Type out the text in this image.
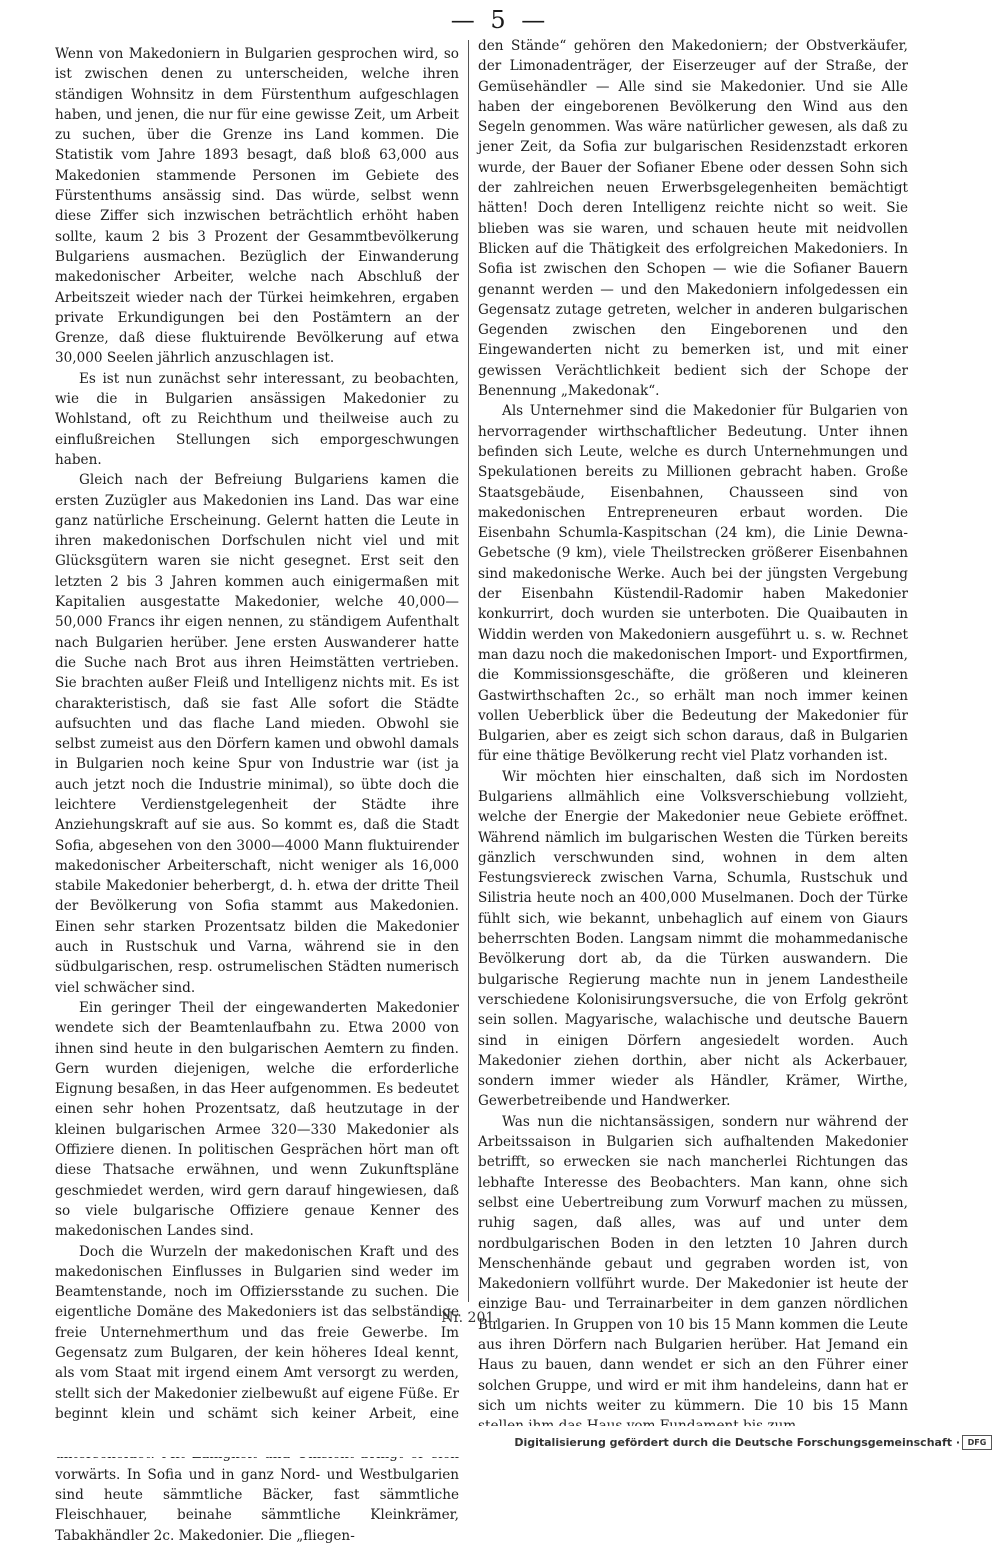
— 5 —

Wenn von Makedoniern in Bulgarien gesprochen wird, so ist zwischen denen zu unterscheiden, welche ihren ständigen Wohnsitz in dem Fürstenthum aufgeschlagen haben, und jenen, die nur für eine gewisse Zeit, um Arbeit zu suchen, über die Grenze ins Land kommen. Die Statistik vom Jahre 1893 besagt, daß bloß 63,000 aus Makedonien stammende Personen im Gebiete des Fürstenthums ansässig sind. Das würde, selbst wenn diese Ziffer sich inzwischen beträchtlich erhöht haben sollte, kaum 2 bis 3 Prozent der Gesammtbevölkerung Bulgariens ausmachen. Bezüglich der Einwanderung makedonischer Arbeiter, welche nach Abschluß der Arbeitszeit wieder nach der Türkei heimkehren, ergaben private Erkundigungen bei den Postämtern an der Grenze, daß diese fluktuirende Bevölkerung auf etwa 30,000 Seelen jährlich anzuschlagen ist.

Es ist nun zunächst sehr interessant, zu beobachten, wie die in Bulgarien ansässigen Makedonier zu Wohlstand, oft zu Reichthum und theilweise auch zu einflußreichen Stellungen sich emporgeschwungen haben.

Gleich nach der Befreiung Bulgariens kamen die ersten Zuzügler aus Makedonien ins Land. Das war eine ganz natürliche Erscheinung. Gelernt hatten die Leute in ihren makedonischen Dorfschulen nicht viel und mit Glücksgütern waren sie nicht gesegnet. Erst seit den letzten 2 bis 3 Jahren kommen auch einigermaßen mit Kapitalien ausgestatte Makedonier, welche 40,000—50,000 Francs ihr eigen nennen, zu ständigem Aufenthalt nach Bulgarien herüber. Jene ersten Auswanderer hatte die Suche nach Brot aus ihren Heimstätten vertrieben. Sie brachten außer Fleiß und Intelligenz nichts mit. Es ist charakteristisch, daß sie fast Alle sofort die Städte aufsuchten und das flache Land mieden. Obwohl sie selbst zumeist aus den Dörfern kamen und obwohl damals in Bulgarien noch keine Spur von Industrie war (ist ja auch jetzt noch die Industrie minimal), so übte doch die leichtere Verdienstgelegenheit der Städte ihre Anziehungskraft auf sie aus. So kommt es, daß die Stadt Sofia, abgesehen von den 3000—4000 Mann fluktuirender makedonischer Arbeiterschaft, nicht weniger als 16,000 stabile Makedonier beherbergt, d. h. etwa der dritte Theil der Bevölkerung von Sofia stammt aus Makedonien. Einen sehr starken Prozentsatz bilden die Makedonier auch in Rustschuk und Varna, während sie in den südbulgarischen, resp. ostrumelischen Städten numerisch viel schwächer sind.

Ein geringer Theil der eingewanderten Makedonier wendete sich der Beamtenlaufbahn zu. Etwa 2000 von ihnen sind heute in den bulgarischen Aemtern zu finden. Gern wurden diejenigen, welche die erforderliche Eignung besaßen, in das Heer aufgenommen. Es bedeutet einen sehr hohen Prozentsatz, daß heutzutage in der kleinen bulgarischen Armee 320—330 Makedonier als Offiziere dienen. In politischen Gesprächen hört man oft diese Thatsache erwähnen, und wenn Zukunftspläne geschmiedet werden, wird gern darauf hingewiesen, daß so viele bulgarische Offiziere genaue Kenner des makedonischen Landes sind.

Doch die Wurzeln der makedonischen Kraft und des makedonischen Einflusses in Bulgarien sind weder im Beamtenstande, noch im Offiziersstande zu suchen. Die eigentliche Domäne des Makedoniers ist das selbständige freie Unternehmerthum und das freie Gewerbe. Im Gegensatz zum Bulgaren, der kein höheres Ideal kennt, als vom Staat mit irgend einem Amt versorgt zu werden, stellt sich der Makedonier zielbewußt auf eigene Füße. Er beginnt klein und schämt sich keiner Arbeit, eine vorwärts. In Sofia und in ganz Nord- und Westbulgarien sind heute sämmtliche Bäcker, fast sämmtliche Fleischhauer, beinahe sämmtliche Kleinkrämer, Tabakhändler 2c. Makedonier. Die „fliegen-

den Stände“ gehören den Makedoniern; der Obstverkäufer, der Limonadenträger, der Eiserzeuger auf der Straße, der Gemüsehändler — Alle sind sie Makedonier. Und sie Alle haben der eingeborenen Bevölkerung den Wind aus den Segeln genommen. Was wäre natürlicher gewesen, als daß zu jener Zeit, da Sofia zur bulgarischen Residenzstadt erkoren wurde, der Bauer der Sofianer Ebene oder dessen Sohn sich der zahlreichen neuen Erwerbsgelegenheiten bemächtigt hätten! Doch deren Intelligenz reichte nicht so weit. Sie blieben was sie waren, und schauen heute mit neidvollen Blicken auf die Thätigkeit des erfolgreichen Makedoniers. In Sofia ist zwischen den Schopen — wie die Sofianer Bauern genannt werden — und den Makedoniern infolgedessen ein Gegensatz zutage getreten, welcher in anderen bulgarischen Gegenden zwischen den Eingeborenen und den Eingewanderten nicht zu bemerken ist, und mit einer gewissen Verächtlichkeit bedient sich der Schope der Benennung „Makedonak“.

Als Unternehmer sind die Makedonier für Bulgarien von hervorragender wirthschaftlicher Bedeutung. Unter ihnen befinden sich Leute, welche es durch Unternehmungen und Spekulationen bereits zu Millionen gebracht haben. Große Staatsgebäude, Eisenbahnen, Chausseen sind von makedonischen Entrepreneuren erbaut worden. Die Eisenbahn Schumla-Kaspitschan (24 km), die Linie Dewna-Gebetsche (9 km), viele Theilstrecken größerer Eisenbahnen sind makedonische Werke. Auch bei der jüngsten Vergebung der Eisenbahn Küstendil-Radomir haben Makedonier konkurrirt, doch wurden sie unterboten. Die Quaibauten in Widdin werden von Makedoniern ausgeführt u. s. w. Rechnet man dazu noch die makedonischen Import- und Exportfirmen, die Kommissionsgeschäfte, die größeren und kleineren Gastwirthschaften 2c., so erhält man noch immer keinen vollen Ueberblick über die Bedeutung der Makedonier für Bulgarien, aber es zeigt sich schon daraus, daß in Bulgarien für eine thätige Bevölkerung recht viel Platz vorhanden ist.

Wir möchten hier einschalten, daß sich im Nordosten Bulgariens allmählich eine Volksverschiebung vollzieht, welche der Energie der Makedonier neue Gebiete eröffnet. Während nämlich im bulgarischen Westen die Türken bereits gänzlich verschwunden sind, wohnen in dem alten Festungsviereck zwischen Varna, Schumla, Rustschuk und Silistria heute noch an 400,000 Muselmanen. Doch der Türke fühlt sich, wie bekannt, unbehaglich auf einem von Giaurs beherrschten Boden. Langsam nimmt die mohammedanische Bevölkerung dort ab, da die Türken auswandern. Die bulgarische Regierung machte nun in jenem Landestheile verschiedene Kolonisirungsversuche, die von Erfolg gekrönt sein sollen. Magyarische, walachische und deutsche Bauern sind in einigen Dörfern angesiedelt worden. Auch Makedonier ziehen dorthin, aber nicht als Ackerbauer, sondern immer wieder als Händler, Krämer, Wirthe, Gewerbetreibende und Handwerker.

Was nun die nichtansässigen, sondern nur während der Arbeitssaison in Bulgarien sich aufhaltenden Makedonier betrifft, so erwecken sie nach mancherlei Richtungen das lebhafte Interesse des Beobachters. Man kann, ohne sich selbst eine Uebertreibung zum Vorwurf machen zu müssen, ruhig sagen, daß alles, was auf und unter dem nordbulgarischen Boden in den letzten 10 Jahren durch Menschenhände gebaut und gegraben worden ist, von Makedoniern vollführt wurde. Der Makedonier ist heute der einzige Bau- und Terrainarbeiter in dem ganzen nördlichen Bulgarien. In Gruppen von 10 bis 15 Mann kommen die Leute aus ihren Dörfern nach Bulgarien herüber. Hat Jemand ein Haus zu bauen, dann wendet er sich an den Führer einer solchen Gruppe, und wird er mit ihm handeleins, dann hat er sich um nichts weiter zu kümmern. Die 10 bis 15 Mann

Nr. 201.
Digitalisierung gefördert durch die Deutsche Forschungsgemeinschaft · DFG
